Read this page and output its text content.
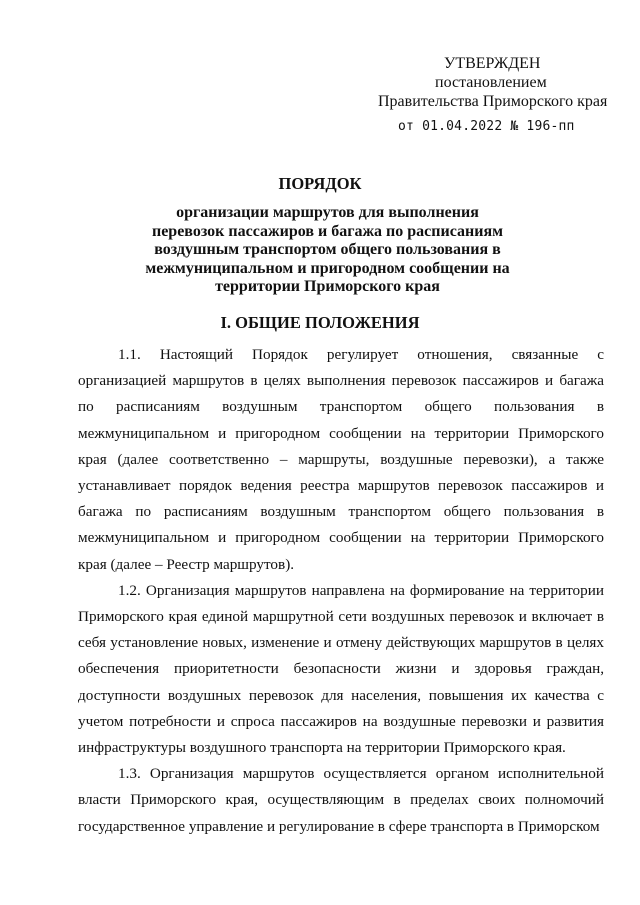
УТВЕРЖДЕН
постановлением
Правительства Приморского края
от 01.04.2022 № 196-пп
ПОРЯДОК
организации маршрутов для выполнения перевозок пассажиров и багажа по расписаниям воздушным транспортом общего пользования в межмуниципальном и пригородном сообщении на территории Приморского края
I. ОБЩИЕ ПОЛОЖЕНИЯ

1.1. Настоящий Порядок регулирует отношения, связанные с организацией маршрутов в целях выполнения перевозок пассажиров и багажа по расписаниям воздушным транспортом общего пользования в межмуниципальном и пригородном сообщении на территории Приморского края (далее соответственно – маршруты, воздушные перевозки), а также устанавливает порядок ведения реестра маршрутов перевозок пассажиров и багажа по расписаниям воздушным транспортом общего пользования в межмуниципальном и пригородном сообщении на территории Приморского края (далее – Реестр маршрутов).

1.2. Организация маршрутов направлена на формирование на территории Приморского края единой маршрутной сети воздушных перевозок и включает в себя установление новых, изменение и отмену действующих маршрутов в целях обеспечения приоритетности безопасности жизни и здоровья граждан, доступности воздушных перевозок для населения, повышения их качества с учетом потребности и спроса пассажиров на воздушные перевозки и развития инфраструктуры воздушного транспорта на территории Приморского края.

1.3. Организация маршрутов осуществляется органом исполнительной власти Приморского края, осуществляющим в пределах своих полномочий государственное управление и регулирование в сфере транспорта в Приморском
